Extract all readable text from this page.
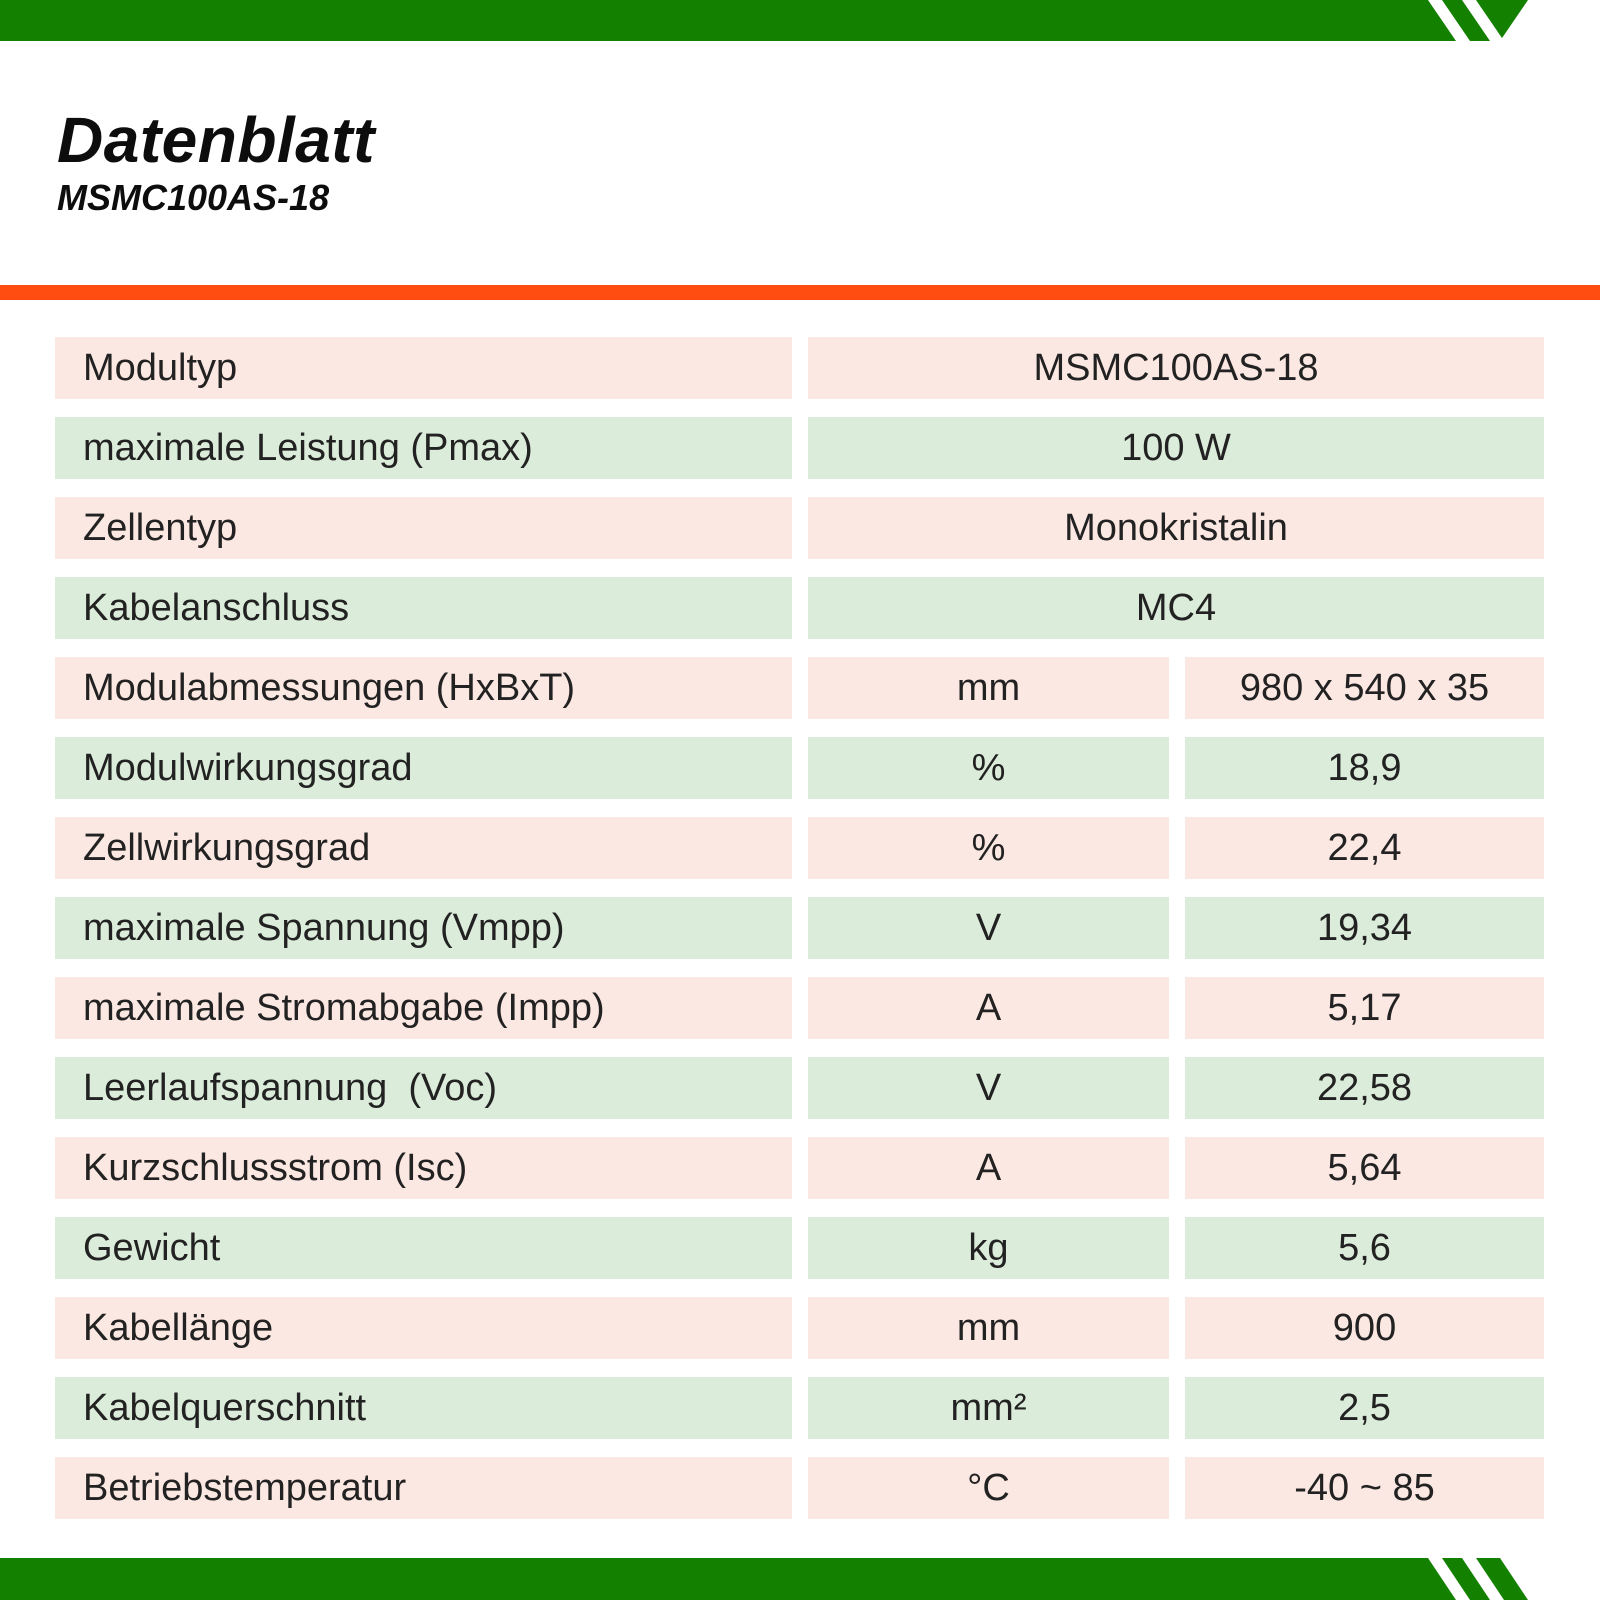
Datenblatt
MSMC100AS-18
Modultyp	MSMC100AS-18
maximale Leistung (Pmax)	100 W
Zellentyp	Monokristalin
Kabelanschluss	MC4
Modulabmessungen (HxBxT)	mm	980 x 540 x 35
Modulwirkungsgrad	%	18,9
Zellwirkungsgrad	%	22,4
maximale Spannung (Vmpp)	V	19,34
maximale Stromabgabe (Impp)	A	5,17
Leerlaufspannung  (Voc)	V	22,58
Kurzschlussstrom (Isc)	A	5,64
Gewicht	kg	5,6
Kabellänge	mm	900
Kabelquerschnitt	mm²	2,5
Betriebstemperatur	°C	-40 ~ 85
